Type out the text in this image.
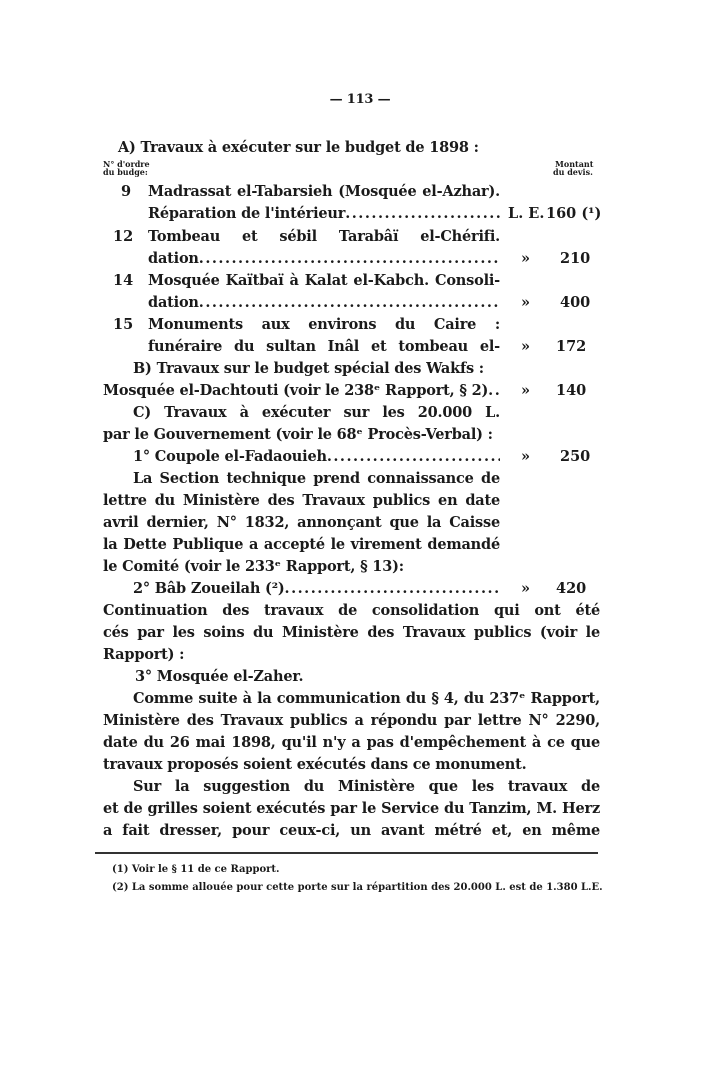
— 113 —
A) Travaux à exécuter sur le budget de 1898 :
N° d'ordre
du budge:
Montant
du devis.
9 Madrassat el-Tabarsieh (Mosquée el-Azhar).
Réparation de l'intérieur .....	L. E. 160 (¹)
12 Tombeau et sébil Tarabâï el-Chérifi.
dation .....	» 210
14 Mosquée Kaïtbaï à Kalat el-Kabch. Consoli-
dation .....	» 400
15 Monuments aux environs du Caire :
funéraire du sultan Inâl et tombeau el- » 172
B) Travaux sur le budget spécial des Wakfs :
Mosquée el-Dachtouti (voir le 238ᵉ Rapport, § 2) ..... » 140
C) Travaux à exécuter sur les 20.000 L.
par le Gouvernement (voir le 68ᵉ Procès-Verbal) :
1° Coupole el-Fadaouieh .....	» 250
La Section technique prend connaissance de
lettre du Ministère des Travaux publics en date
avril dernier, N° 1832, annonçant que la Caisse
la Dette Publique a accepté le virement demandé
le Comité (voir le 233ᵉ Rapport, § 13):
2° Bâb Zoueilah (²) .....	» 420
Continuation des travaux de consolidation qui ont été
cés par les soins du Ministère des Travaux publics (voir le
Rapport) :
3° Mosquée el-Zaher.
Comme suite à la communication du § 4, du 237ᵉ Rapport,
Ministère des Travaux publics a répondu par lettre N° 2290,
date du 26 mai 1898, qu'il n'y a pas d'empêchement à ce que
travaux proposés soient exécutés dans ce monument.
Sur la suggestion du Ministère que les travaux de
et de grilles soient exécutés par le Service du Tanzim, M. Herz
a fait dresser, pour ceux-ci, un avant métré et, en même
(1) Voir le § 11 de ce Rapport.
(2) La somme allouée pour cette porte sur la répartition des 20.000 L. est de 1.380 L.E.
